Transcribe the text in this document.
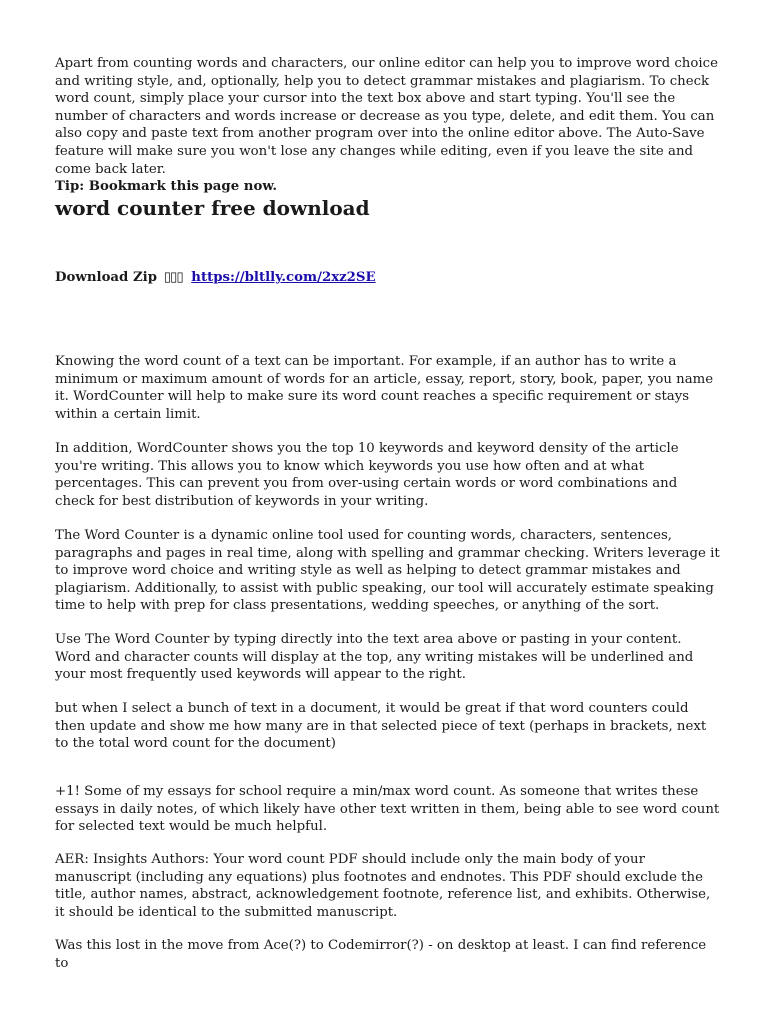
Apart from counting words and characters, our online editor can help you to improve word choice and writing style, and, optionally, help you to detect grammar mistakes and plagiarism. To check word count, simply place your cursor into the text box above and start typing. You'll see the number of characters and words increase or decrease as you type, delete, and edit them. You can also copy and paste text from another program over into the online editor above. The Auto-Save feature will make sure you won't lose any changes while editing, even if you leave the site and come back later.

Tip: Bookmark this page now.

word counter free download
Download Zip ▯▯▯ https://bltlly.com/2xz2SE

Knowing the word count of a text can be important. For example, if an author has to write a minimum or maximum amount of words for an article, essay, report, story, book, paper, you name it. WordCounter will help to make sure its word count reaches a specific requirement or stays within a certain limit.

In addition, WordCounter shows you the top 10 keywords and keyword density of the article you're writing. This allows you to know which keywords you use how often and at what percentages. This can prevent you from over-using certain words or word combinations and check for best distribution of keywords in your writing.

The Word Counter is a dynamic online tool used for counting words, characters, sentences, paragraphs and pages in real time, along with spelling and grammar checking. Writers leverage it to improve word choice and writing style as well as helping to detect grammar mistakes and plagiarism. Additionally, to assist with public speaking, our tool will accurately estimate speaking time to help with prep for class presentations, wedding speeches, or anything of the sort.

Use The Word Counter by typing directly into the text area above or pasting in your content. Word and character counts will display at the top, any writing mistakes will be underlined and your most frequently used keywords will appear to the right.

but when I select a bunch of text in a document, it would be great if that word counters could then update and show me how many are in that selected piece of text (perhaps in brackets, next to the total word count for the document)

+1! Some of my essays for school require a min/max word count. As someone that writes these essays in daily notes, of which likely have other text written in them, being able to see word count for selected text would be much helpful.

AER: Insights Authors: Your word count PDF should include only the main body of your manuscript (including any equations) plus footnotes and endnotes. This PDF should exclude the title, author names, abstract, acknowledgement footnote, reference list, and exhibits. Otherwise, it should be identical to the submitted manuscript.

Was this lost in the move from Ace(?) to Codemirror(?) - on desktop at least. I can find reference to
